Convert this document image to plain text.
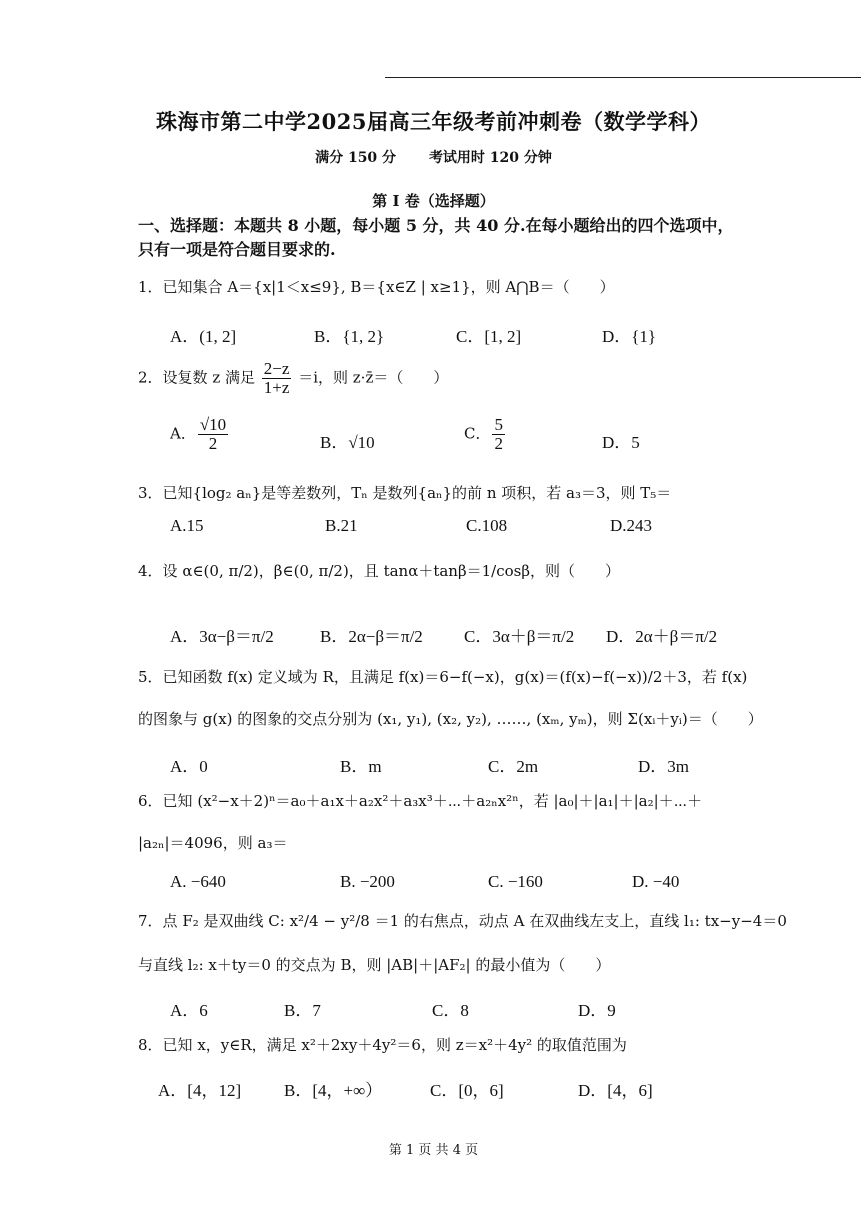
珠海市第二中学2025届高三年级考前冲刺卷（数学学科）
满分 150 分 考试用时 120 分钟
第 I 卷（选择题）
一、选择题：本题共 8 小题，每小题 5 分，共 40 分.在每小题给出的四个选项中，只有一项是符合题目要求的.
1．已知集合 A＝{x|1＜x≤9}, B＝{x∈Z | x≥1}，则 A⋂B＝（　　）
A．(1, 2]	B．{1, 2}	C．[1, 2]	D．{1}
2．设复数 z 满足 $\frac{2-z}{1+z} =i$，则 z·z̄＝（　　）
A． $\frac{√10}{2}$	B．√10	C． $\frac{5}{2}$	D．5
3．已知{log₂ aₙ}是等差数列，Tₙ 是数列{aₙ}的前 n 项积，若 a₃＝3，则 T₅＝
A.15	B.21	C.108	D.243
4．设 α∈(0, π/2)，β∈(0, π/2)，且 tanα＋tanβ＝1/cosβ，则（　　）
A．3α−β＝π/2	B．2α−β＝π/2 C．3α＋β＝π/2 D．2α＋β＝π/2
5．已知函数 f(x) 定义域为 R，且满足 f(x)＝6−f(−x)，g(x)＝(f(x)−f(−x))/2＋3，若 f(x)
的图象与 g(x) 的图象的交点分别为 (x₁, y₁), (x₂, y₂), ……, (xₘ, yₘ)，则 Σ(xᵢ＋yᵢ)＝（　　）
A．0	B．m	C．2m	D．3m
6．已知 (x²−x＋2)ⁿ＝a₀＋a₁x＋a₂x²＋a₃x³＋⋯＋a₂ₙx²ⁿ，若 |a₀|＋|a₁|＋|a₂|＋⋯＋
|a₂ₙ|＝4096，则 a₃＝
A. −640	B. −200	C. −160	D. −40
7．点 F₂ 是双曲线 C: x²/4 − y²/8 ＝1 的右焦点，动点 A 在双曲线左支上，直线 l₁: tx−y−4＝0
与直线 l₂: x＋ty＝0 的交点为 B，则 |AB|＋|AF₂| 的最小值为（　　）
A．6	B．7	C．8	D．9
8．已知 x，y∈R，满足 x²＋2xy＋4y²＝6，则 z＝x²＋4y² 的取值范围为
A．[4，12]	B．[4，+∞）	C．[0，6]	D．[4，6]
第 1 页 共 4 页
